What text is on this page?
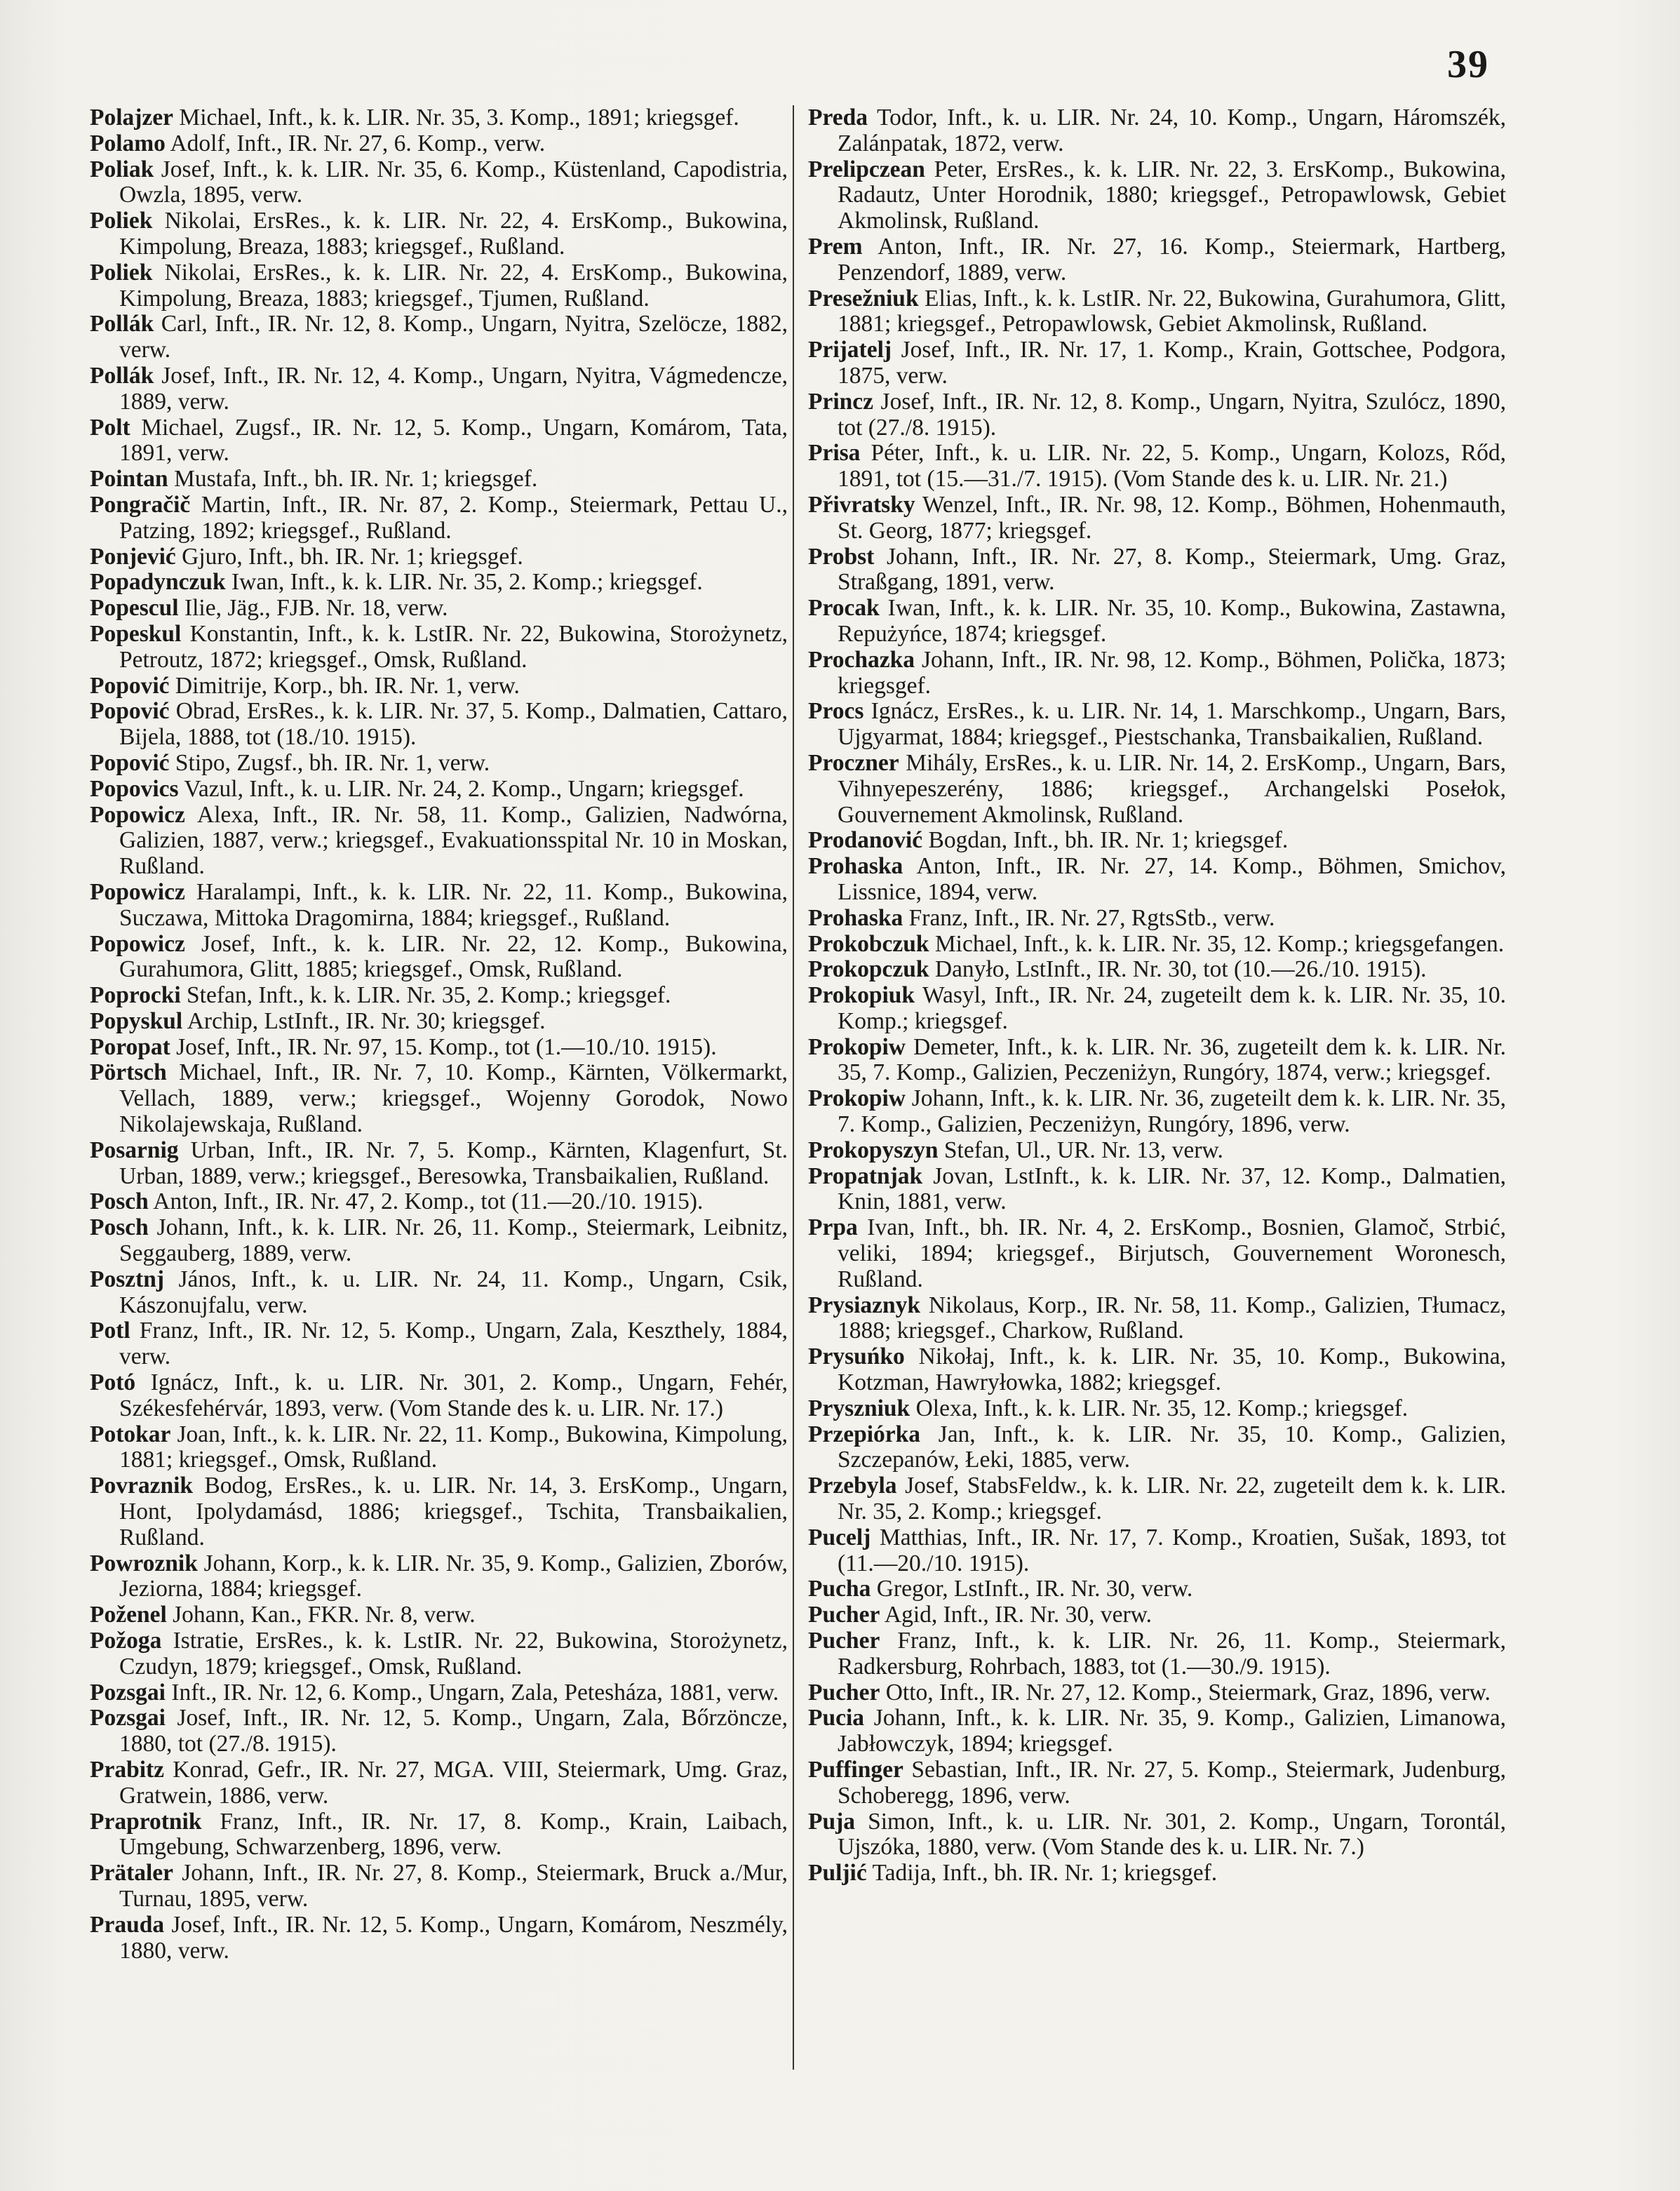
39

Polajzer Michael, Inft., k. k. LIR. Nr. 35, 3. Komp., 1891; kriegsgef.

Polamo Adolf, Inft., IR. Nr. 27, 6. Komp., verw.

Poliak Josef, Inft., k. k. LIR. Nr. 35, 6. Komp., Küstenland, Capodistria, Owzla, 1895, verw.

Poliek Nikolai, ErsRes., k. k. LIR. Nr. 22, 4. ErsKomp., Bukowina, Kimpolung, Breaza, 1883; kriegsgef., Rußland.

Poliek Nikolai, ErsRes., k. k. LIR. Nr. 22, 4. ErsKomp., Bukowina, Kimpolung, Breaza, 1883; kriegsgef., Tjumen, Rußland.

Pollák Carl, Inft., IR. Nr. 12, 8. Komp., Ungarn, Nyitra, Szelöcze, 1882, verw.

Pollák Josef, Inft., IR. Nr. 12, 4. Komp., Ungarn, Nyitra, Vágmedencze, 1889, verw.

Polt Michael, Zugsf., IR. Nr. 12, 5. Komp., Ungarn, Komárom, Tata, 1891, verw.

Pointan Mustafa, Inft., bh. IR. Nr. 1; kriegsgef.

Pongračič Martin, Inft., IR. Nr. 87, 2. Komp., Steiermark, Pettau U., Patzing, 1892; kriegsgef., Rußland.

Ponjević Gjuro, Inft., bh. IR. Nr. 1; kriegsgef.

Popadynczuk Iwan, Inft., k. k. LIR. Nr. 35, 2. Komp.; kriegsgef.

Popescul Ilie, Jäg., FJB. Nr. 18, verw.

Popeskul Konstantin, Inft., k. k. LstIR. Nr. 22, Bukowina, Storożynetz, Petroutz, 1872; kriegsgef., Omsk, Rußland.

Popović Dimitrije, Korp., bh. IR. Nr. 1, verw.

Popović Obrad, ErsRes., k. k. LIR. Nr. 37, 5. Komp., Dalmatien, Cattaro, Bijela, 1888, tot (18./10. 1915).

Popović Stipo, Zugsf., bh. IR. Nr. 1, verw.

Popovics Vazul, Inft., k. u. LIR. Nr. 24, 2. Komp., Ungarn; kriegsgef.

Popowicz Alexa, Inft., IR. Nr. 58, 11. Komp., Galizien, Nadwórna, Galizien, 1887, verw.; kriegsgef., Evakuationsspital Nr. 10 in Moskan, Rußland.

Popowicz Haralampi, Inft., k. k. LIR. Nr. 22, 11. Komp., Bukowina, Suczawa, Mittoka Dragomirna, 1884; kriegsgef., Rußland.

Popowicz Josef, Inft., k. k. LIR. Nr. 22, 12. Komp., Bukowina, Gurahumora, Glitt, 1885; kriegsgef., Omsk, Rußland.

Poprocki Stefan, Inft., k. k. LIR. Nr. 35, 2. Komp.; kriegsgef.

Popyskul Archip, LstInft., IR. Nr. 30; kriegsgef.

Poropat Josef, Inft., IR. Nr. 97, 15. Komp., tot (1.—10./10. 1915).

Pörtsch Michael, Inft., IR. Nr. 7, 10. Komp., Kärnten, Völkermarkt, Vellach, 1889, verw.; kriegsgef., Wojenny Gorodok, Nowo Nikolajewskaja, Rußland.

Posarnig Urban, Inft., IR. Nr. 7, 5. Komp., Kärnten, Klagenfurt, St. Urban, 1889, verw.; kriegsgef., Beresowka, Transbaikalien, Rußland.

Posch Anton, Inft., IR. Nr. 47, 2. Komp., tot (11.—20./10. 1915).

Posch Johann, Inft., k. k. LIR. Nr. 26, 11. Komp., Steiermark, Leibnitz, Seggauberg, 1889, verw.

Posztnj János, Inft., k. u. LIR. Nr. 24, 11. Komp., Ungarn, Csik, Kászonujfalu, verw.

Potl Franz, Inft., IR. Nr. 12, 5. Komp., Ungarn, Zala, Keszthely, 1884, verw.

Potó Ignácz, Inft., k. u. LIR. Nr. 301, 2. Komp., Ungarn, Fehér, Székesfehérvár, 1893, verw. (Vom Stande des k. u. LIR. Nr. 17.)

Potokar Joan, Inft., k. k. LIR. Nr. 22, 11. Komp., Bukowina, Kimpolung, 1881; kriegsgef., Omsk, Rußland.

Povraznik Bodog, ErsRes., k. u. LIR. Nr. 14, 3. ErsKomp., Ungarn, Hont, Ipolydamásd, 1886; kriegsgef., Tschita, Transbaikalien, Rußland.

Powroznik Johann, Korp., k. k. LIR. Nr. 35, 9. Komp., Galizien, Zborów, Jeziorna, 1884; kriegsgef.

Poženel Johann, Kan., FKR. Nr. 8, verw.

Požoga Istratie, ErsRes., k. k. LstIR. Nr. 22, Bukowina, Storożynetz, Czudyn, 1879; kriegsgef., Omsk, Rußland.

Pozsgai Inft., IR. Nr. 12, 6. Komp., Ungarn, Zala, Petesháza, 1881, verw.

Pozsgai Josef, Inft., IR. Nr. 12, 5. Komp., Ungarn, Zala, Bőrzöncze, 1880, tot (27./8. 1915).

Prabitz Konrad, Gefr., IR. Nr. 27, MGA. VIII, Steiermark, Umg. Graz, Gratwein, 1886, verw.

Praprotnik Franz, Inft., IR. Nr. 17, 8. Komp., Krain, Laibach, Umgebung, Schwarzenberg, 1896, verw.

Prätaler Johann, Inft., IR. Nr. 27, 8. Komp., Steiermark, Bruck a./Mur, Turnau, 1895, verw.

Prauda Josef, Inft., IR. Nr. 12, 5. Komp., Ungarn, Komárom, Neszmély, 1880, verw.

Preda Todor, Inft., k. u. LIR. Nr. 24, 10. Komp., Ungarn, Háromszék, Zalánpatak, 1872, verw.

Prelipczean Peter, ErsRes., k. k. LIR. Nr. 22, 3. ErsKomp., Bukowina, Radautz, Unter Horodnik, 1880; kriegsgef., Petropawlowsk, Gebiet Akmolinsk, Rußland.

Prem Anton, Inft., IR. Nr. 27, 16. Komp., Steiermark, Hartberg, Penzendorf, 1889, verw.

Presežniuk Elias, Inft., k. k. LstIR. Nr. 22, Bukowina, Gurahumora, Glitt, 1881; kriegsgef., Petropawlowsk, Gebiet Akmolinsk, Rußland.

Prijatelj Josef, Inft., IR. Nr. 17, 1. Komp., Krain, Gottschee, Podgora, 1875, verw.

Princz Josef, Inft., IR. Nr. 12, 8. Komp., Ungarn, Nyitra, Szulócz, 1890, tot (27./8. 1915).

Prisa Péter, Inft., k. u. LIR. Nr. 22, 5. Komp., Ungarn, Kolozs, Rőd, 1891, tot (15.—31./7. 1915). (Vom Stande des k. u. LIR. Nr. 21.)

Přivratsky Wenzel, Inft., IR. Nr. 98, 12. Komp., Böhmen, Hohenmauth, St. Georg, 1877; kriegsgef.

Probst Johann, Inft., IR. Nr. 27, 8. Komp., Steiermark, Umg. Graz, Straßgang, 1891, verw.

Procak Iwan, Inft., k. k. LIR. Nr. 35, 10. Komp., Bukowina, Zastawna, Repużyńce, 1874; kriegsgef.

Prochazka Johann, Inft., IR. Nr. 98, 12. Komp., Böhmen, Polička, 1873; kriegsgef.

Procs Ignácz, ErsRes., k. u. LIR. Nr. 14, 1. Marschkomp., Ungarn, Bars, Ujgyarmat, 1884; kriegsgef., Piestschanka, Transbaikalien, Rußland.

Proczner Mihály, ErsRes., k. u. LIR. Nr. 14, 2. ErsKomp., Ungarn, Bars, Vihnyepeszerény, 1886; kriegsgef., Archangelski Posełok, Gouvernement Akmolinsk, Rußland.

Prodanović Bogdan, Inft., bh. IR. Nr. 1; kriegsgef.

Prohaska Anton, Inft., IR. Nr. 27, 14. Komp., Böhmen, Smichov, Lissnice, 1894, verw.

Prohaska Franz, Inft., IR. Nr. 27, RgtsStb., verw.

Prokobczuk Michael, Inft., k. k. LIR. Nr. 35, 12. Komp.; kriegsgefangen.

Prokopczuk Danyło, LstInft., IR. Nr. 30, tot (10.—26./10. 1915).

Prokopiuk Wasyl, Inft., IR. Nr. 24, zugeteilt dem k. k. LIR. Nr. 35, 10. Komp.; kriegsgef.

Prokopiw Demeter, Inft., k. k. LIR. Nr. 36, zugeteilt dem k. k. LIR. Nr. 35, 7. Komp., Galizien, Peczeniżyn, Rungóry, 1874, verw.; kriegsgef.

Prokopiw Johann, Inft., k. k. LIR. Nr. 36, zugeteilt dem k. k. LIR. Nr. 35, 7. Komp., Galizien, Peczeniżyn, Rungóry, 1896, verw.

Prokopyszyn Stefan, Ul., UR. Nr. 13, verw.

Propatnjak Jovan, LstInft., k. k. LIR. Nr. 37, 12. Komp., Dalmatien, Knin, 1881, verw.

Prpa Ivan, Inft., bh. IR. Nr. 4, 2. ErsKomp., Bosnien, Glamoč, Strbić, veliki, 1894; kriegsgef., Birjutsch, Gouvernement Woronesch, Rußland.

Prysiaznyk Nikolaus, Korp., IR. Nr. 58, 11. Komp., Galizien, Tłumacz, 1888; kriegsgef., Charkow, Rußland.

Prysuńko Nikołaj, Inft., k. k. LIR. Nr. 35, 10. Komp., Bukowina, Kotzman, Hawryłowka, 1882; kriegsgef.

Pryszniuk Olexa, Inft., k. k. LIR. Nr. 35, 12. Komp.; kriegsgef.

Przepiórka Jan, Inft., k. k. LIR. Nr. 35, 10. Komp., Galizien, Szczepanów, Łeki, 1885, verw.

Przebyla Josef, StabsFeldw., k. k. LIR. Nr. 22, zugeteilt dem k. k. LIR. Nr. 35, 2. Komp.; kriegsgef.

Pucelj Matthias, Inft., IR. Nr. 17, 7. Komp., Kroatien, Sušak, 1893, tot (11.—20./10. 1915).

Pucha Gregor, LstInft., IR. Nr. 30, verw.

Pucher Agid, Inft., IR. Nr. 30, verw.

Pucher Franz, Inft., k. k. LIR. Nr. 26, 11. Komp., Steiermark, Radkersburg, Rohrbach, 1883, tot (1.—30./9. 1915).

Pucher Otto, Inft., IR. Nr. 27, 12. Komp., Steiermark, Graz, 1896, verw.

Pucia Johann, Inft., k. k. LIR. Nr. 35, 9. Komp., Galizien, Limanowa, Jabłowczyk, 1894; kriegsgef.

Puffinger Sebastian, Inft., IR. Nr. 27, 5. Komp., Steiermark, Judenburg, Schoberegg, 1896, verw.

Puja Simon, Inft., k. u. LIR. Nr. 301, 2. Komp., Ungarn, Torontál, Ujszóka, 1880, verw. (Vom Stande des k. u. LIR. Nr. 7.)

Puljić Tadija, Inft., bh. IR. Nr. 1; kriegsgef.
